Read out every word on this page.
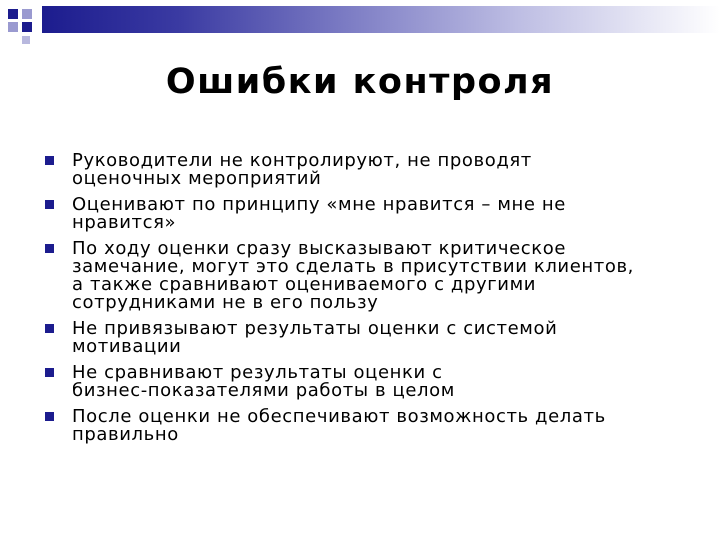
Ошибки контроля
Руководители не контролируют, не проводят
оценочных мероприятий
Оценивают по принципу «мне нравится – мне не
нравится»
По ходу оценки сразу высказывают критическое
замечание, могут это сделать в присутствии клиентов,
а также сравнивают оцениваемого с другими
сотрудниками не в его пользу
Не привязывают результаты оценки с системой
мотивации
Не сравнивают результаты оценки с
бизнес-показателями работы в целом
После оценки не обеспечивают возможность делать
правильно
